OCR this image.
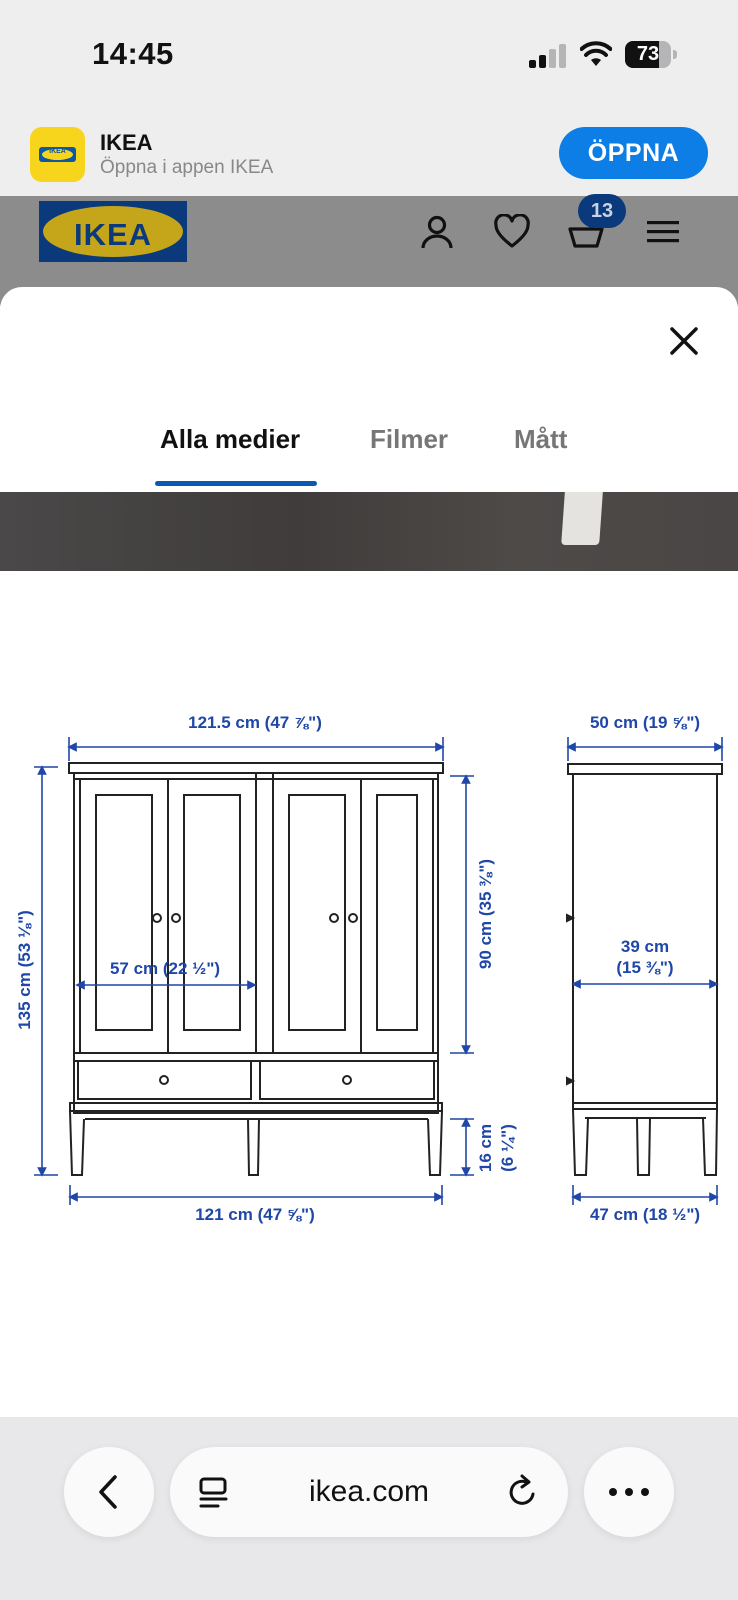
14:45	73
IKEA	IKEA
Öppna i appen IKEA
ÖPPNA
IKEA
13
Alla medier	Filmer	Mått
121.5 cm (47 ⅞")
135 cm (53 ⅛")	90 cm (35 ⅜")
57 cm (22 ½")
16 cm (6 ¼")
121 cm (47 ⅝")
50 cm (19 ⅝")
39 cm
(15 ⅜")
47 cm (18 ½")
ikea.com
